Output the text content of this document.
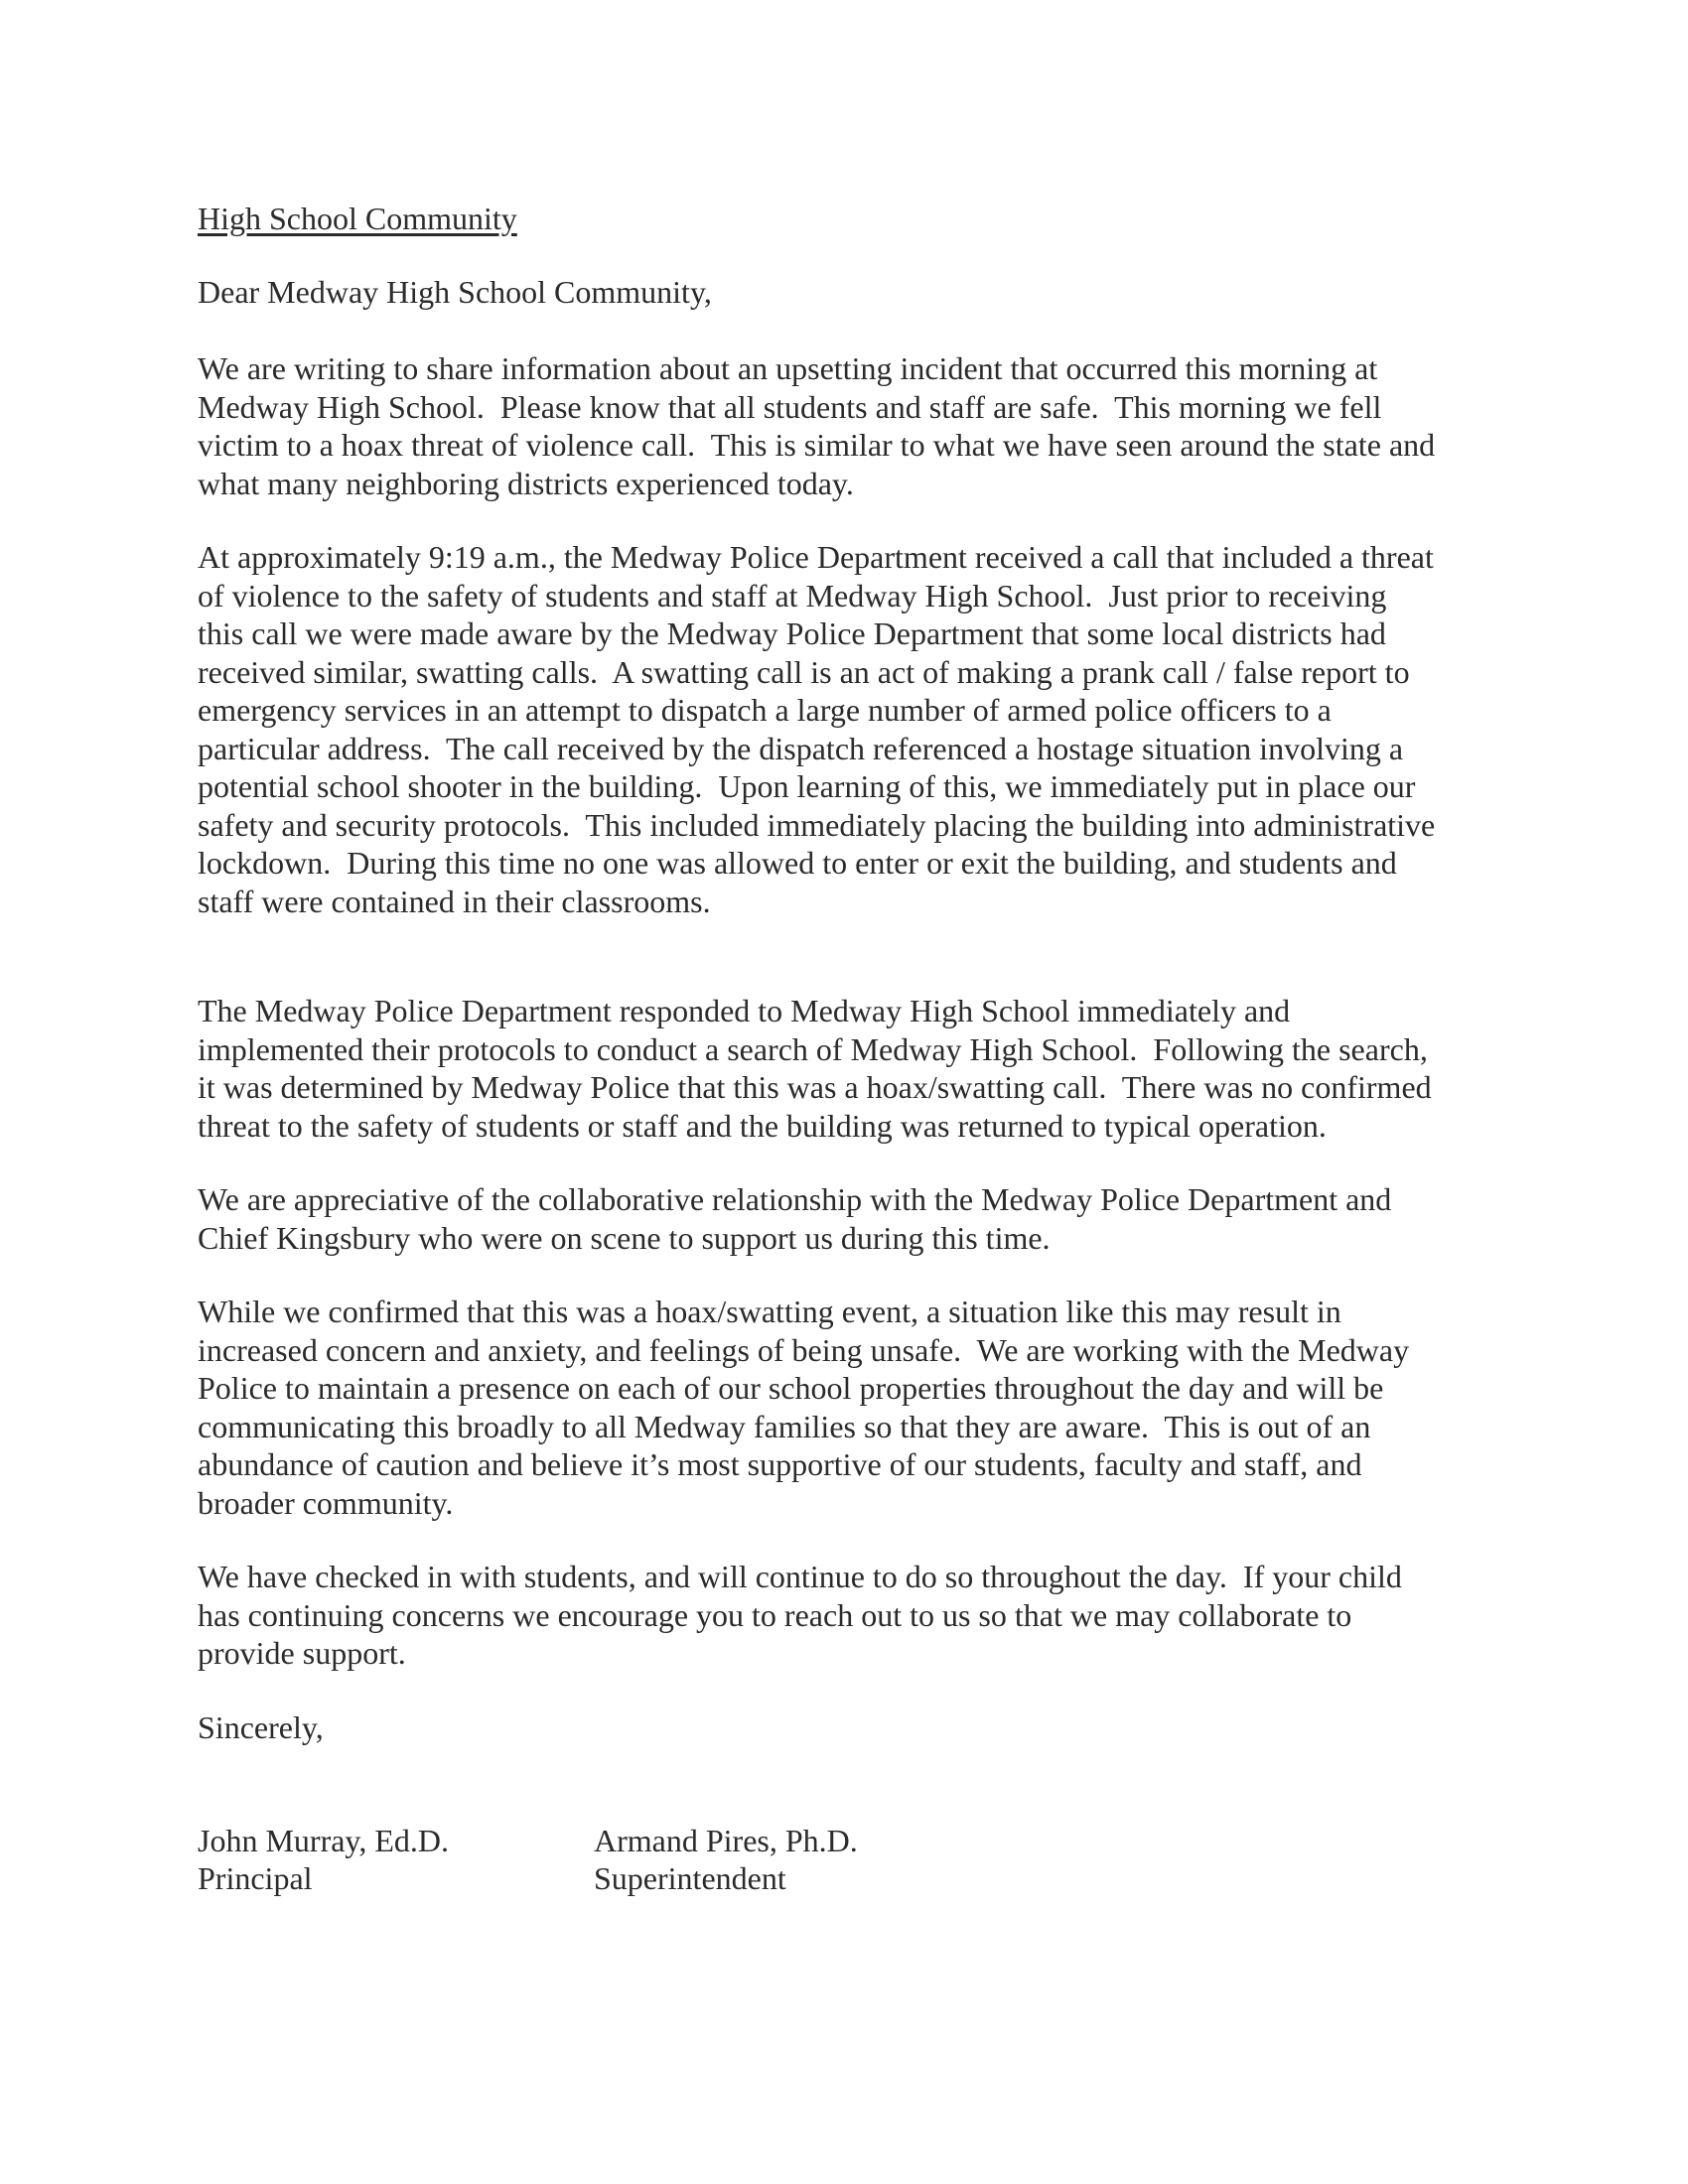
High School Community
Dear Medway High School Community,
We are writing to share information about an upsetting incident that occurred this morning at
Medway High School.  Please know that all students and staff are safe.  This morning we fell
victim to a hoax threat of violence call.  This is similar to what we have seen around the state and
what many neighboring districts experienced today.
At approximately 9:19 a.m., the Medway Police Department received a call that included a threat
of violence to the safety of students and staff at Medway High School.  Just prior to receiving
this call we were made aware by the Medway Police Department that some local districts had
received similar, swatting calls.  A swatting call is an act of making a prank call / false report to
emergency services in an attempt to dispatch a large number of armed police officers to a
particular address.  The call received by the dispatch referenced a hostage situation involving a
potential school shooter in the building.  Upon learning of this, we immediately put in place our
safety and security protocols.  This included immediately placing the building into administrative
lockdown.  During this time no one was allowed to enter or exit the building, and students and
staff were contained in their classrooms.
The Medway Police Department responded to Medway High School immediately and
implemented their protocols to conduct a search of Medway High School.  Following the search,
it was determined by Medway Police that this was a hoax/swatting call.  There was no confirmed
threat to the safety of students or staff and the building was returned to typical operation.
We are appreciative of the collaborative relationship with the Medway Police Department and
Chief Kingsbury who were on scene to support us during this time.
While we confirmed that this was a hoax/swatting event, a situation like this may result in
increased concern and anxiety, and feelings of being unsafe.  We are working with the Medway
Police to maintain a presence on each of our school properties throughout the day and will be
communicating this broadly to all Medway families so that they are aware.  This is out of an
abundance of caution and believe it’s most supportive of our students, faculty and staff, and
broader community.
We have checked in with students, and will continue to do so throughout the day.  If your child
has continuing concerns we encourage you to reach out to us so that we may collaborate to
provide support.
Sincerely,
John Murray, Ed.D.
Principal
Armand Pires, Ph.D.
Superintendent
